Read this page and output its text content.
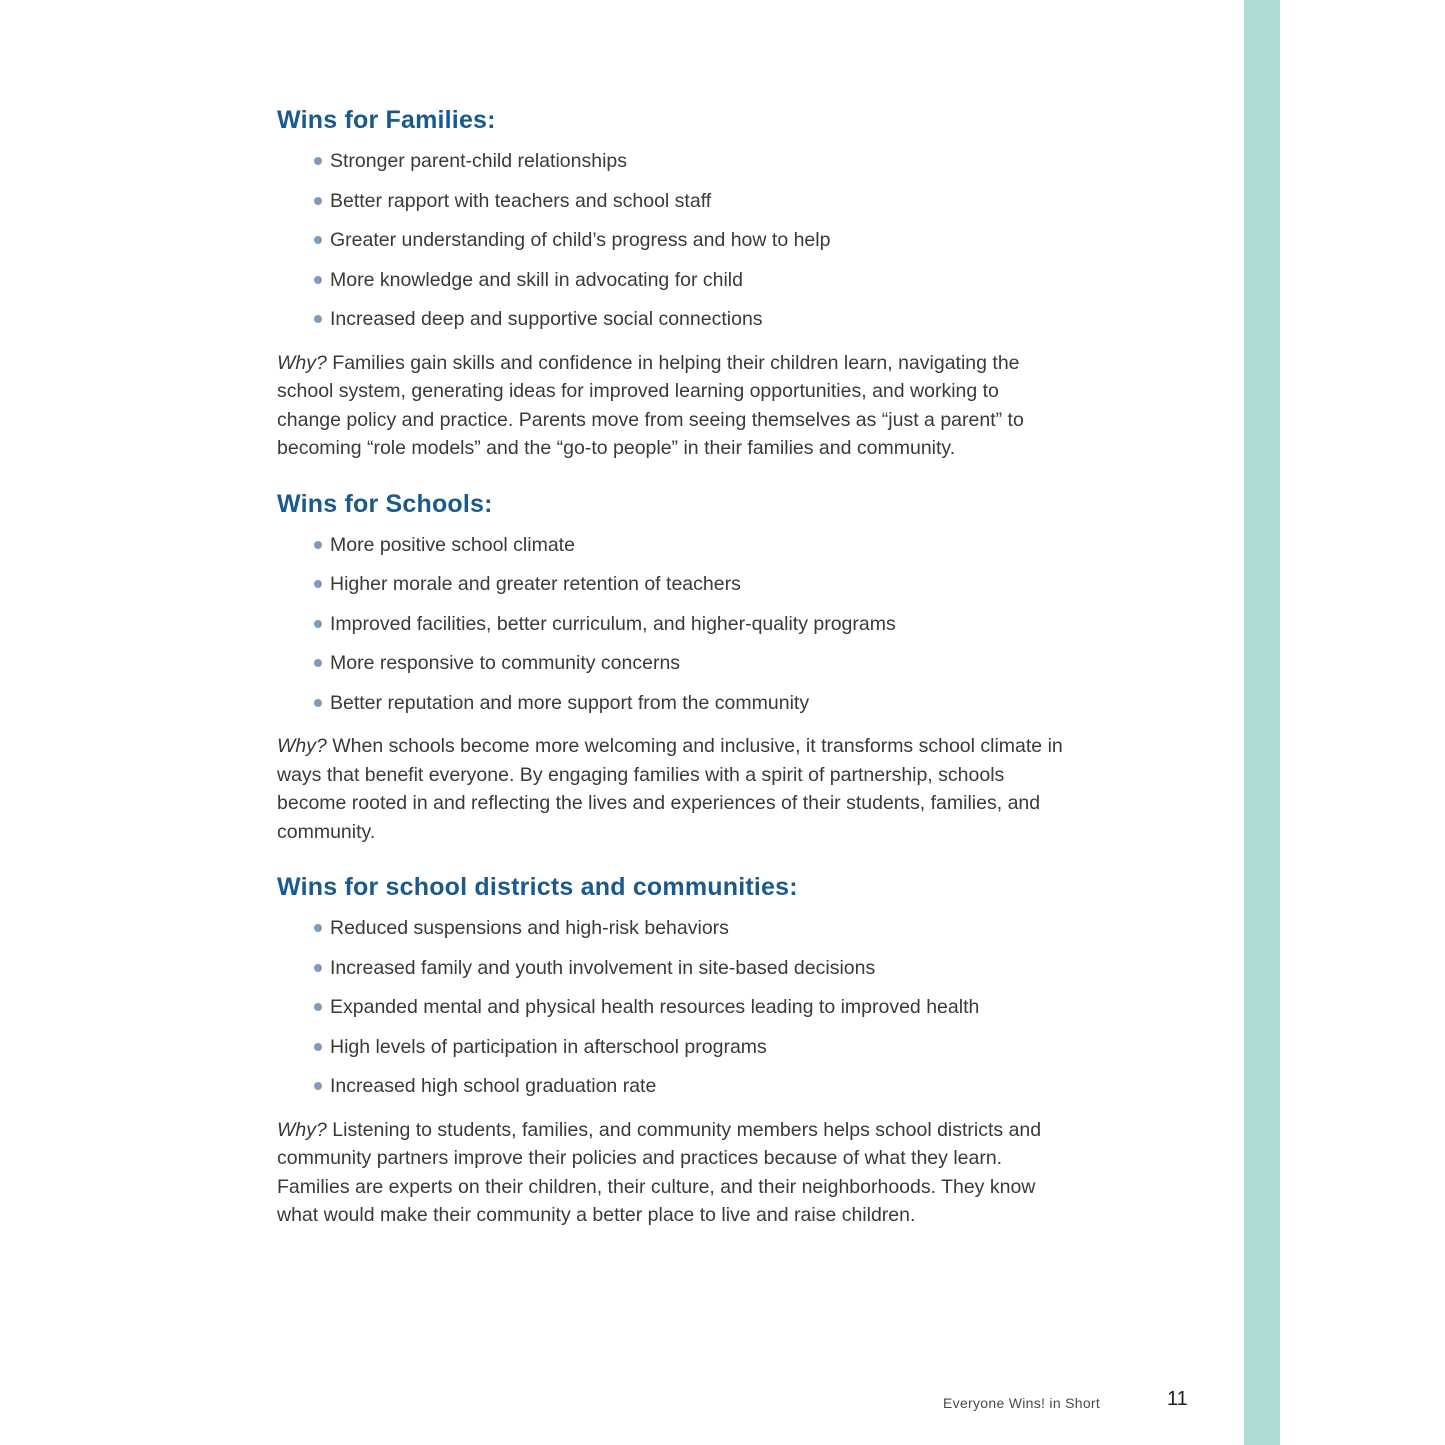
Wins for Families:
Stronger parent-child relationships
Better rapport with teachers and school staff
Greater understanding of child’s progress and how to help
More knowledge and skill in advocating for child
Increased deep and supportive social connections

Why? Families gain skills and confidence in helping their children learn, navigating the school system, generating ideas for improved learning opportunities, and working to change policy and practice. Parents move from seeing themselves as “just a parent” to becoming “role models” and the “go-to people” in their families and community.

Wins for Schools:
More positive school climate
Higher morale and greater retention of teachers
Improved facilities, better curriculum, and higher-quality programs
More responsive to community concerns
Better reputation and more support from the community

Why? When schools become more welcoming and inclusive, it transforms school climate in ways that benefit everyone. By engaging families with a spirit of partnership, schools become rooted in and reflecting the lives and experiences of their students, families, and community.

Wins for school districts and communities:
Reduced suspensions and high-risk behaviors
Increased family and youth involvement in site-based decisions
Expanded mental and physical health resources leading to improved health
High levels of participation in afterschool programs
Increased high school graduation rate

Why? Listening to students, families, and community members helps school districts and community partners improve their policies and practices because of what they learn. Families are experts on their children, their culture, and their neighborhoods. They know what would make their community a better place to live and raise children.

Everyone Wins! in Short	11
